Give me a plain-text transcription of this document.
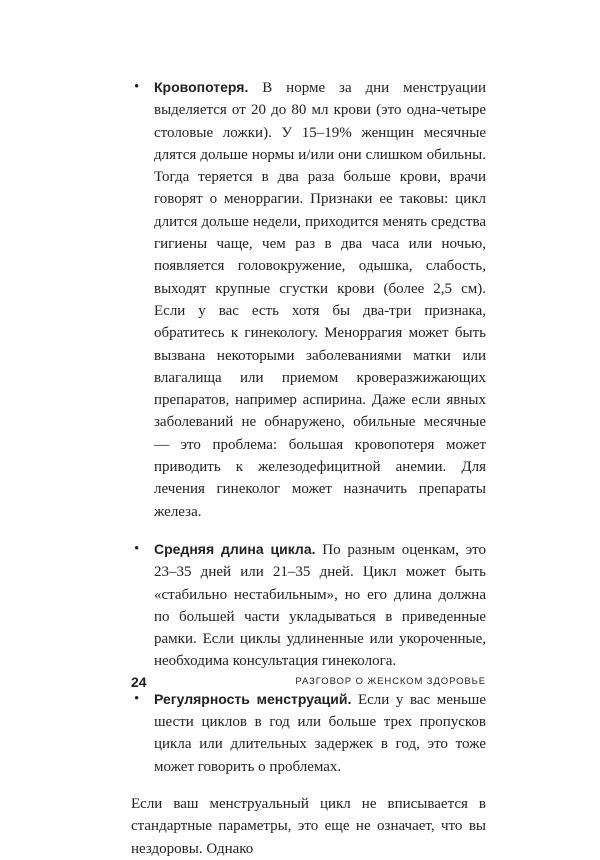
• Кровопотеря. В норме за дни менструации выделяется от 20 до 80 мл крови (это одна-четыре столовые ложки). У 15–19% женщин месячные длятся дольше нормы и/или они слишком обильны. Тогда теряется в два раза больше крови, врачи говорят о меноррагии. Признаки ее таковы: цикл длится дольше недели, приходится менять средства гигиены чаще, чем раз в два часа или ночью, появляется головокружение, одышка, слабость, выходят крупные сгустки крови (более 2,5 см). Если у вас есть хотя бы два-три признака, обратитесь к гинекологу. Меноррагия может быть вызвана некоторыми заболеваниями матки или влагалища или приемом кроверазжижающих препаратов, например аспирина. Даже если явных заболеваний не обнаружено, обильные месячные — это проблема: большая кровопотеря может приводить к железодефицитной анемии. Для лечения гинеколог может назначить препараты железа.
• Средняя длина цикла. По разным оценкам, это 23–35 дней или 21–35 дней. Цикл может быть «стабильно нестабильным», но его длина должна по большей части укладываться в приведенные рамки. Если циклы удлиненные или укороченные, необходима консультация гинеколога.
• Регулярность менструаций. Если у вас меньше шести циклов в год или больше трех пропусков цикла или длительных задержек в год, это тоже может говорить о проблемах.

Если ваш менструальный цикл не вписывается в стандартные параметры, это еще не означает, что вы нездоровы. Однако

24	РАЗГОВОР О ЖЕНСКОМ ЗДОРОВЬЕ
